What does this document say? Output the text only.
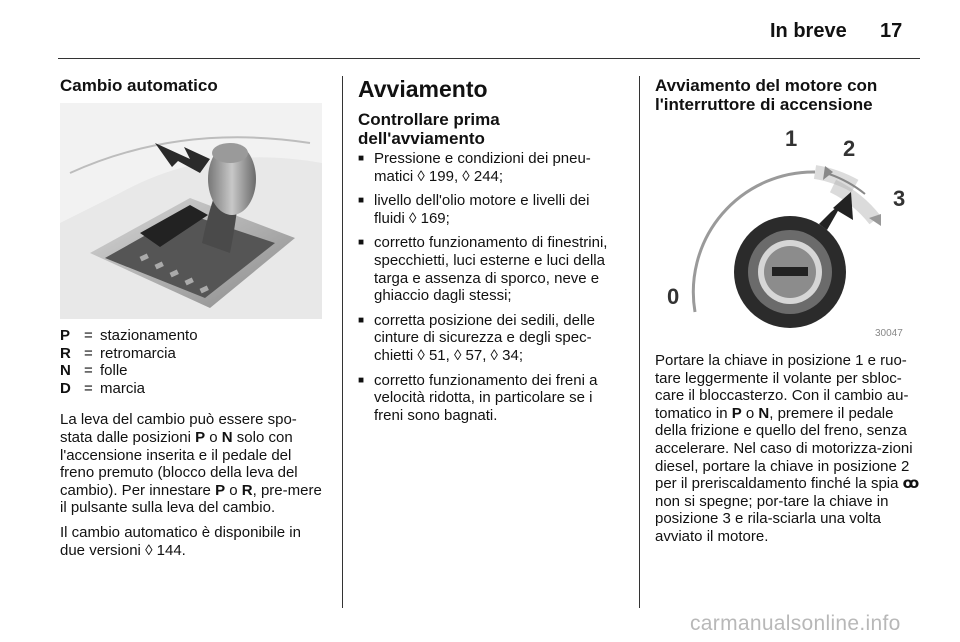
In breve 17
Cambio automatico
P = stazionamento
R = retromarcia
N = folle
D = marcia

La leva del cambio può essere spo-stata dalle posizioni P o N solo con l'accensione inserita e il pedale del freno premuto (blocco della leva del cambio). Per innestare P o R, pre-mere il pulsante sulla leva del cambio.

Il cambio automatico è disponibile in due versioni ◊ 144.

Avviamento
Controllare prima dell'avviamento
■ Pressione e condizioni dei pneu-matici ◊ 199, ◊ 244;
■ livello dell'olio motore e livelli dei fluidi ◊ 169;
■ corretto funzionamento di finestrini, specchietti, luci esterne e luci della targa e assenza di sporco, neve e ghiaccio dagli stessi;
■ corretta posizione dei sedili, delle cinture di sicurezza e degli spec-chietti ◊ 51, ◊ 57, ◊ 34;
■ corretto funzionamento dei freni a velocità ridotta, in particolare se i freni sono bagnati.
Avviamento del motore con l'interruttore di accensione
0
1 2
3
30047

Portare la chiave in posizione 1 e ruo-tare leggermente il volante per sbloc-care il bloccasterzo. Con il cambio au-tomatico in P o N, premere il pedale della frizione e quello del freno, senza accelerare. Nel caso di motorizza-zioni diesel, portare la chiave in posizione 2 per il preriscaldamento finché la spia ꝏ non si spegne; por-tare la chiave in posizione 3 e rila-sciarla una volta avviato il motore.

carmanualsonline.info
